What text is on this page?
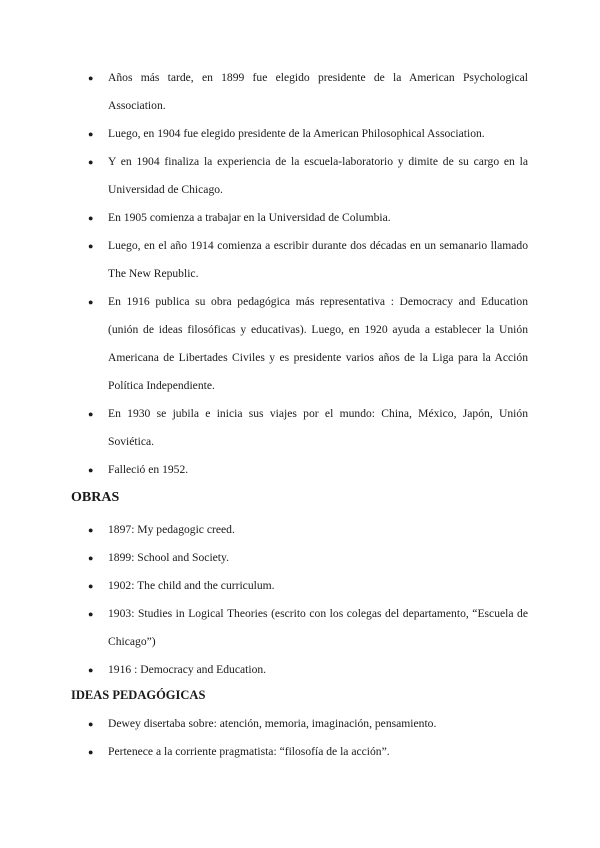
● Años más tarde, en 1899 fue elegido presidente de la American Psychological Association.
● Luego, en 1904 fue elegido presidente de la American Philosophical Association.
● Y en 1904 finaliza la experiencia de la escuela-laboratorio y dimite de su cargo en la Universidad de Chicago.
● En 1905 comienza a trabajar en la Universidad de Columbia.
● Luego, en el año 1914 comienza a escribir durante dos décadas en un semanario llamado The New Republic.
● En 1916 publica su obra pedagógica más representativa : Democracy and Education (unión de ideas filosóficas y educativas). Luego, en 1920 ayuda a establecer la Unión Americana de Libertades Civiles y es presidente varios años de la Liga para la Acción Política Independiente.
● En 1930 se jubila e inicia sus viajes por el mundo: China, México, Japón, Unión Soviética.
● Falleció en 1952.
OBRAS
● 1897: My pedagogic creed.
● 1899: School and Society.
● 1902: The child and the curriculum.
● 1903: Studies in Logical Theories (escrito con los colegas del departamento, “Escuela de Chicago”)
● 1916 : Democracy and Education.
IDEAS PEDAGÓGICAS
● Dewey disertaba sobre: atención, memoria, imaginación, pensamiento.
● Pertenece a la corriente pragmatista: “filosofía de la acción”.
